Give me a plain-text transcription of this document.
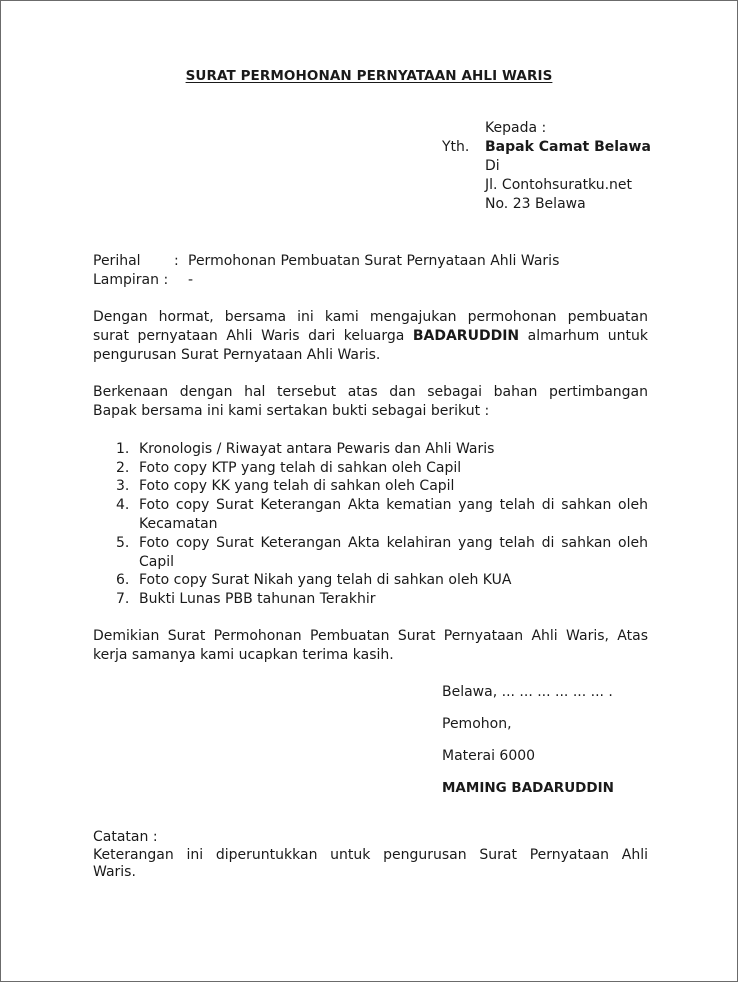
SURAT PERMOHONAN PERNYATAAN AHLI WARIS
Kepada :
Yth. Bapak Camat Belawa
Di
Jl. Contohsuratku.net
No. 23 Belawa
Perihal : Permohonan Pembuatan Surat Pernyataan Ahli Waris
Lampiran : -
Dengan hormat, bersama ini kami mengajukan permohonan pembuatan
surat pernyataan Ahli Waris dari keluarga BADARUDDIN almarhum untuk
pengurusan Surat Pernyataan Ahli Waris.
Berkenaan dengan hal tersebut atas dan sebagai bahan pertimbangan
Bapak bersama ini kami sertakan bukti sebagai berikut :
1. Kronologis / Riwayat antara Pewaris dan Ahli Waris
2. Foto copy KTP yang telah di sahkan oleh Capil
3. Foto copy KK yang telah di sahkan oleh Capil
4. Foto copy Surat Keterangan Akta kematian yang telah di sahkan oleh
Kecamatan
5. Foto copy Surat Keterangan Akta kelahiran yang telah di sahkan oleh
Capil
6. Foto copy Surat Nikah yang telah di sahkan oleh KUA
7. Bukti Lunas PBB tahunan Terakhir
Demikian Surat Permohonan Pembuatan Surat Pernyataan Ahli Waris, Atas
kerja samanya kami ucapkan terima kasih.
Belawa, ... ... ... ... ... ... .
Pemohon,
Materai 6000
MAMING BADARUDDIN
Catatan :
Keterangan ini diperuntukkan untuk pengurusan Surat Pernyataan Ahli
Waris.
